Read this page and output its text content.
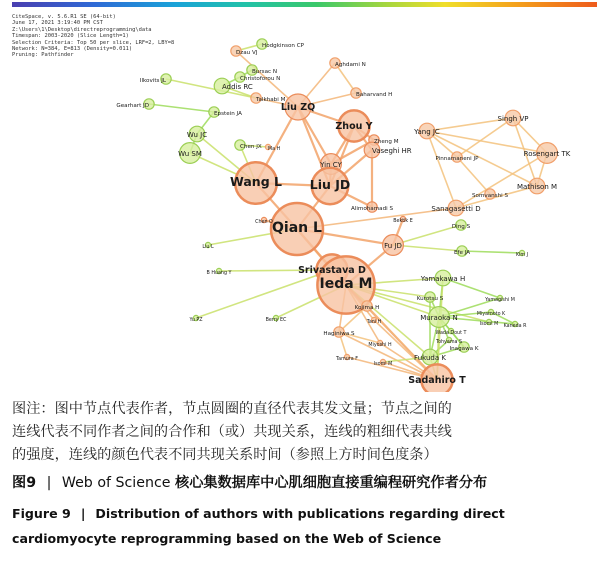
CiteSpace, v. 5.6.R1 SE (64-bit)
June 17, 2021 3:19:40 PM CST
Z:\Users\1\Desktop\directreprogramming\data
Timespan: 2003-2020 (Slice Length=1)
Selection Criteria: Top 50 per slice, LRF=2, LBY=8
Network: N=384, E=813 (Density=0.011)
Pruning: Pathfinder
Hodgkinson CP
Dzau VJ
Bursac N
Christoforou N
Addis RC
Talkhabi M
Aghdami N
Baharvand H
Ilkovits JL
Gearhart JD
Epstein JA
Liu ZQ
Wu JC
Wu SM
Chen JX Ma H
Zhou Y
Zheng M
Vaseghi HR
Yin CY
Wang L Liu JD
Alimohamadi S
Yang JC
Pinnamaneni JP
Singh VP
Rosengart TK
Mathison M
Somvanshi S
Sanagasetti D
Chen O Qian L	Bektik E
Ding S
Fu JD
Liu L
Efe JA	Kim J
Srivastava D
B Huang Y
Ieda M	Yamakawa H
Kurotsu S	Yamagishi M
Kojima H
Muraoka N	Miyamoto K
Isomi M Kaneda R
Tani H
Yu PZ	Berry EC
Haginiwa S	Wada Dout T
Tohyama S
Miyoshi H
Inagawa K
Tamura F
Isomi M
Fukuda K
Sadahiro T
图注：图中节点代表作者，节点圆圈的直径代表其发文量；节点之间的
连线代表不同作者之间的合作和（或）共现关系，连线的粗细代表共线
的强度，连线的颜色代表不同共现关系时间（参照上方时间色度条）
图9 | Web of Science 核心集数据库中心肌细胞直接重编程研究作者分布
Figure 9 | Distribution of authors with publications regarding direct
cardiomyocyte reprogramming based on the Web of Science
